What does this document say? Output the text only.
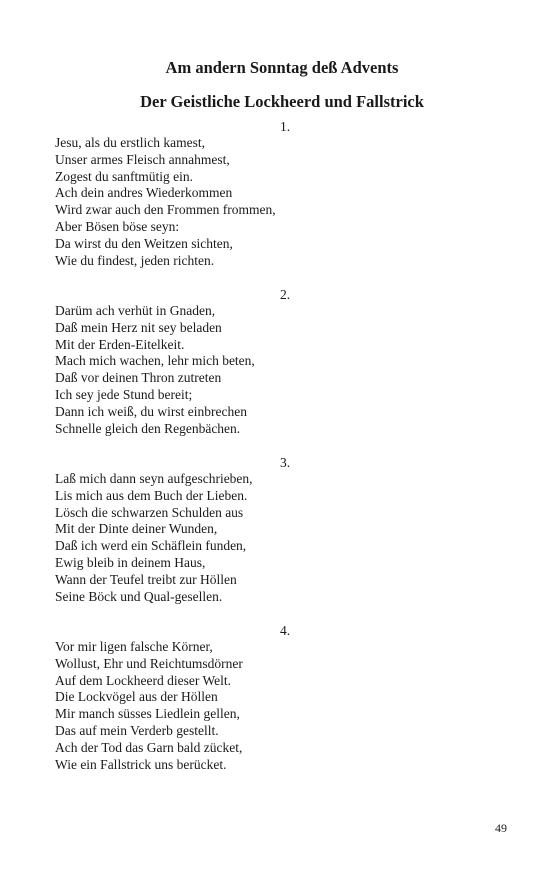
Am andern Sonntag deß Advents
Der Geistliche Lockheerd und Fallstrick
1.
Jesu, als du erstlich kamest,
Unser armes Fleisch annahmest,
Zogest du sanftmütig ein.
Ach dein andres Wiederkommen
Wird zwar auch den Frommen frommen,
Aber Bösen böse seyn:
Da wirst du den Weitzen sichten,
Wie du findest, jeden richten.
2.
Darüm ach verhüt in Gnaden,
Daß mein Herz nit sey beladen
Mit der Erden-Eitelkeit.
Mach mich wachen, lehr mich beten,
Daß vor deinen Thron zutreten
Ich sey jede Stund bereit;
Dann ich weiß, du wirst einbrechen
Schnelle gleich den Regenbächen.
3.
Laß mich dann seyn aufgeschrieben,
Lis mich aus dem Buch der Lieben.
Lösch die schwarzen Schulden aus
Mit der Dinte deiner Wunden,
Daß ich werd ein Schäflein funden,
Ewig bleib in deinem Haus,
Wann der Teufel treibt zur Höllen
Seine Böck und Qual-gesellen.
4.
Vor mir ligen falsche Körner,
Wollust, Ehr und Reichtumsdörner
Auf dem Lockheerd dieser Welt.
Die Lockvögel aus der Höllen
Mir manch süsses Liedlein gellen,
Das auf mein Verderb gestellt.
Ach der Tod das Garn bald zücket,
Wie ein Fallstrick uns berücket.
49
